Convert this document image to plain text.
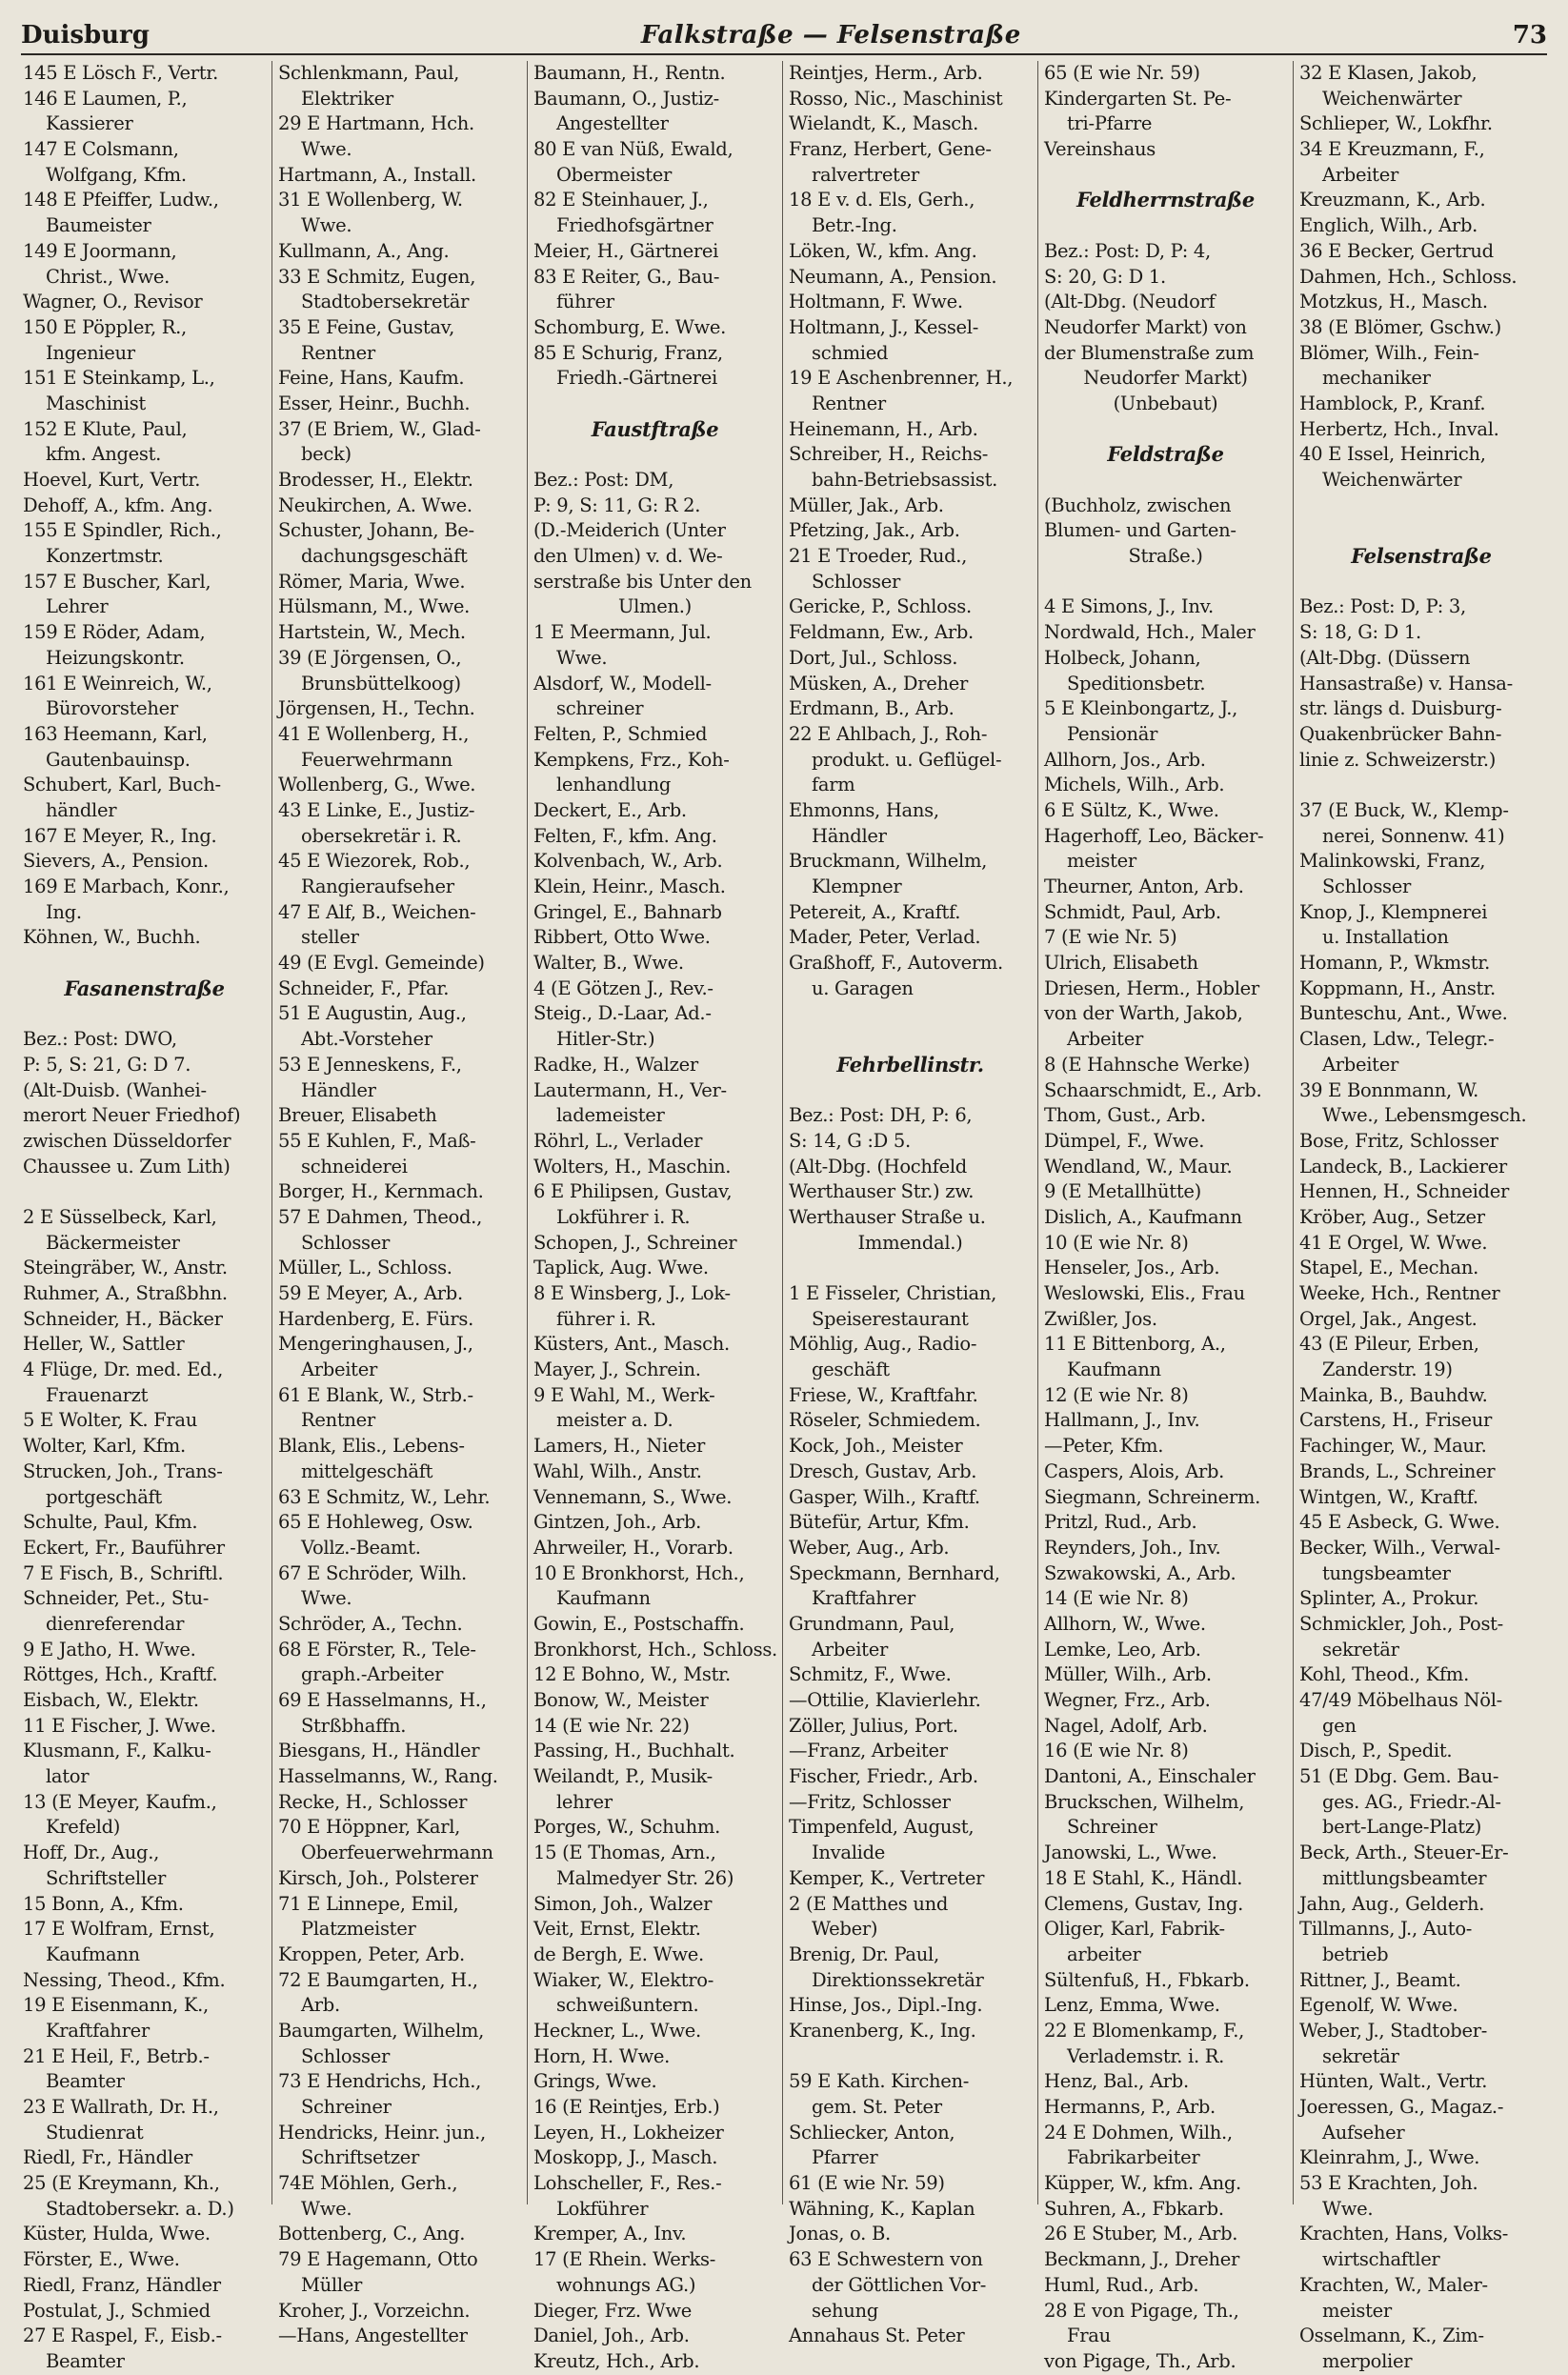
Duisburg	Falkstraße — Felsenstraße	73
145 E Lösch F., Vertr.
146 E Laumen, P.,
Kassierer
147 E Colsmann,
Wolfgang, Kfm.
148 E Pfeiffer, Ludw.,
Baumeister
149 E Joormann,
Christ., Wwe.
Wagner, O., Revisor
150 E Pöppler, R.,
Ingenieur
151 E Steinkamp, L.,
Maschinist
152 E Klute, Paul,
kfm. Angest.
Hoevel, Kurt, Vertr.
Dehoff, A., kfm. Ang.
155 E Spindler, Rich.,
Konzertmstr.
157 E Buscher, Karl,
Lehrer
159 E Röder, Adam,
Heizungskontr.
161 E Weinreich, W.,
Bürovorsteher
163 Heemann, Karl,
Gautenbauinsp.
Schubert, Karl, Buch-
händler
167 E Meyer, R., Ing.
Sievers, A., Pension.
169 E Marbach, Konr.,
Ing.
Köhnen, W., Buchh.
Fasanenstraße
Bez.: Post: DWO,
P: 5, S: 21, G: D 7.
(Alt-Duisb. (Wanhei-
merort Neuer Friedhof)
zwischen Düsseldorfer
Chaussee u. Zum Lith)
2 E Süsselbeck, Karl,
Bäckermeister
Steingräber, W., Anstr.
Ruhmer, A., Straßbhn.
Schneider, H., Bäcker
Heller, W., Sattler
4 Flüge, Dr. med. Ed.,
Frauenarzt
5 E Wolter, K. Frau
Wolter, Karl, Kfm.
Strucken, Joh., Trans-
portgeschäft
Schulte, Paul, Kfm.
Eckert, Fr., Bauführer
7 E Fisch, B., Schriftl.
Schneider, Pet., Stu-
dienreferendar
9 E Jatho, H. Wwe.
Röttges, Hch., Kraftf.
Eisbach, W., Elektr.
11 E Fischer, J. Wwe.
Klusmann, F., Kalku-
lator
13 (E Meyer, Kaufm.,
Krefeld)
Hoff, Dr., Aug.,
Schriftsteller
15 Bonn, A., Kfm.
17 E Wolfram, Ernst,
Kaufmann
Nessing, Theod., Kfm.
19 E Eisenmann, K.,
Kraftfahrer
21 E Heil, F., Betrb.-
Beamter
23 E Wallrath, Dr. H.,
Studienrat
Riedl, Fr., Händler
25 (E Kreymann, Kh.,
Stadtobersekr. a. D.)
Küster, Hulda, Wwe.
Förster, E., Wwe.
Riedl, Franz, Händler
Postulat, J., Schmied
27 E Raspel, F., Eisb.-
Beamter
Schlenkmann, Paul,
Elektriker
29 E Hartmann, Hch.
Wwe.
Hartmann, A., Install.
31 E Wollenberg, W.
Wwe.
Kullmann, A., Ang.
33 E Schmitz, Eugen,
Stadtobersekretär
35 E Feine, Gustav,
Rentner
Feine, Hans, Kaufm.
Esser, Heinr., Buchh.
37 (E Briem, W., Glad-
beck)
Brodesser, H., Elektr.
Neukirchen, A. Wwe.
Schuster, Johann, Be-
dachungsgeschäft
Römer, Maria, Wwe.
Hülsmann, M., Wwe.
Hartstein, W., Mech.
39 (E Jörgensen, O.,
Brunsbüttelkoog)
Jörgensen, H., Techn.
41 E Wollenberg, H.,
Feuerwehrmann
Wollenberg, G., Wwe.
43 E Linke, E., Justiz-
obersekretär i. R.
45 E Wiezorek, Rob.,
Rangieraufseher
47 E Alf, B., Weichen-
steller
49 (E Evgl. Gemeinde)
Schneider, F., Pfar.
51 E Augustin, Aug.,
Abt.-Vorsteher
53 E Jenneskens, F.,
Händler
Breuer, Elisabeth
55 E Kuhlen, F., Maß-
schneiderei
Borger, H., Kernmach.
57 E Dahmen, Theod.,
Schlosser
Müller, L., Schloss.
59 E Meyer, A., Arb.
Hardenberg, E. Fürs.
Mengeringhausen, J.,
Arbeiter
61 E Blank, W., Strb.-
Rentner
Blank, Elis., Lebens-
mittelgeschäft
63 E Schmitz, W., Lehr.
65 E Hohleweg, Osw.
Vollz.-Beamt.
67 E Schröder, Wilh.
Wwe.
Schröder, A., Techn.
68 E Förster, R., Tele-
graph.-Arbeiter
69 E Hasselmanns, H.,
Strßbhaffn.
Biesgans, H., Händler
Hasselmanns, W., Rang.
Recke, H., Schlosser
70 E Höppner, Karl,
Oberfeuerwehrmann
Kirsch, Joh., Polsterer
71 E Linnepe, Emil,
Platzmeister
Kroppen, Peter, Arb.
72 E Baumgarten, H.,
Arb.
Baumgarten, Wilhelm,
Schlosser
73 E Hendrichs, Hch.,
Schreiner
Hendricks, Heinr. jun.,
Schriftsetzer
74E Möhlen, Gerh.,
Wwe.
Bottenberg, C., Ang.
79 E Hagemann, Otto
Müller
Kroher, J., Vorzeichn.
—Hans, Angestellter
Baumann, H., Rentn.
Baumann, O., Justiz-
Angestellter
80 E van Nüß, Ewald,
Obermeister
82 E Steinhauer, J.,
Friedhofsgärtner
Meier, H., Gärtnerei
83 E Reiter, G., Bau-
führer
Schomburg, E. Wwe.
85 E Schurig, Franz,
Friedh.-Gärtnerei
Faustftraße
Bez.: Post: DM,
P: 9, S: 11, G: R 2.
(D.-Meiderich (Unter
den Ulmen) v. d. We-
serstraße bis Unter den
Ulmen.)
1 E Meermann, Jul.
Wwe.
Alsdorf, W., Modell-
schreiner
Felten, P., Schmied
Kempkens, Frz., Koh-
lenhandlung
Deckert, E., Arb.
Felten, F., kfm. Ang.
Kolvenbach, W., Arb.
Klein, Heinr., Masch.
Gringel, E., Bahnarb
Ribbert, Otto Wwe.
Walter, B., Wwe.
4 (E Götzen J., Rev.-
Steig., D.-Laar, Ad.-
Hitler-Str.)
Radke, H., Walzer
Lautermann, H., Ver-
lademeister
Röhrl, L., Verlader
Wolters, H., Maschin.
6 E Philipsen, Gustav,
Lokführer i. R.
Schopen, J., Schreiner
Taplick, Aug. Wwe.
8 E Winsberg, J., Lok-
führer i. R.
Küsters, Ant., Masch.
Mayer, J., Schrein.
9 E Wahl, M., Werk-
meister a. D.
Lamers, H., Nieter
Wahl, Wilh., Anstr.
Vennemann, S., Wwe.
Gintzen, Joh., Arb.
Ahrweiler, H., Vorarb.
10 E Bronkhorst, Hch.,
Kaufmann
Gowin, E., Postschaffn.
Bronkhorst, Hch., Schloss.
12 E Bohno, W., Mstr.
Bonow, W., Meister
14 (E wie Nr. 22)
Passing, H., Buchhalt.
Weilandt, P., Musik-
lehrer
Porges, W., Schuhm.
15 (E Thomas, Arn.,
Malmedyer Str. 26)
Simon, Joh., Walzer
Veit, Ernst, Elektr.
de Bergh, E. Wwe.
Wiaker, W., Elektro-
schweißuntern.
Heckner, L., Wwe.
Horn, H. Wwe.
Grings, Wwe.
16 (E Reintjes, Erb.)
Leyen, H., Lokheizer
Moskopp, J., Masch.
Lohscheller, F., Res.-
Lokführer
Kremper, A., Inv.
17 (E Rhein. Werks-
wohnungs AG.)
Dieger, Frz. Wwe
Daniel, Joh., Arb.
Kreutz, Hch., Arb.
Reintjes, Herm., Arb.
Rosso, Nic., Maschinist
Wielandt, K., Masch.
Franz, Herbert, Gene-
ralvertreter
18 E v. d. Els, Gerh.,
Betr.-Ing.
Löken, W., kfm. Ang.
Neumann, A., Pension.
Holtmann, F. Wwe.
Holtmann, J., Kessel-
schmied
19 E Aschenbrenner, H.,
Rentner
Heinemann, H., Arb.
Schreiber, H., Reichs-
bahn-Betriebsassist.
Müller, Jak., Arb.
Pfetzing, Jak., Arb.
21 E Troeder, Rud.,
Schlosser
Gericke, P., Schloss.
Feldmann, Ew., Arb.
Dort, Jul., Schloss.
Müsken, A., Dreher
Erdmann, B., Arb.
22 E Ahlbach, J., Roh-
produkt. u. Geflügel-
farm
Ehmonns, Hans,
Händler
Bruckmann, Wilhelm,
Klempner
Petereit, A., Kraftf.
Mader, Peter, Verlad.
Graßhoff, F., Autoverm.
u. Garagen
Fehrbellinstr.
Bez.: Post: DH, P: 6,
S: 14, G :D 5.
(Alt-Dbg. (Hochfeld
Werthauser Str.) zw.
Werthauser Straße u.
Immendal.)
1 E Fisseler, Christian,
Speiserestaurant
Möhlig, Aug., Radio-
geschäft
Friese, W., Kraftfahr.
Röseler, Schmiedem.
Kock, Joh., Meister
Dresch, Gustav, Arb.
Gasper, Wilh., Kraftf.
Bütefür, Artur, Kfm.
Weber, Aug., Arb.
Speckmann, Bernhard,
Kraftfahrer
Grundmann, Paul,
Arbeiter
Schmitz, F., Wwe.
—Ottilie, Klavierlehr.
Zöller, Julius, Port.
—Franz, Arbeiter
Fischer, Friedr., Arb.
—Fritz, Schlosser
Timpenfeld, August,
Invalide
Kemper, K., Vertreter
2 (E Matthes und
Weber)
Brenig, Dr. Paul,
Direktionssekretär
Hinse, Jos., Dipl.-Ing.
Kranenberg, K., Ing.
59 E Kath. Kirchen-
gem. St. Peter
Schliecker, Anton,
Pfarrer
61 (E wie Nr. 59)
Wähning, K., Kaplan
Jonas, o. B.
63 E Schwestern von
der Göttlichen Vor-
sehung
Annahaus St. Peter
65 (E wie Nr. 59)
Kindergarten St. Pe-
tri-Pfarre
Vereinshaus
Feldherrnstraße
Bez.: Post: D, P: 4,
S: 20, G: D 1.
(Alt-Dbg. (Neudorf
Neudorfer Markt) von
der Blumenstraße zum
Neudorfer Markt)
(Unbebaut)
Feldstraße
(Buchholz, zwischen
Blumen- und Garten-
Straße.)
4 E Simons, J., Inv.
Nordwald, Hch., Maler
Holbeck, Johann,
Speditionsbetr.
5 E Kleinbongartz, J.,
Pensionär
Allhorn, Jos., Arb.
Michels, Wilh., Arb.
6 E Sültz, K., Wwe.
Hagerhoff, Leo, Bäcker-
meister
Theurner, Anton, Arb.
Schmidt, Paul, Arb.
7 (E wie Nr. 5)
Ulrich, Elisabeth
Driesen, Herm., Hobler
von der Warth, Jakob,
Arbeiter
8 (E Hahnsche Werke)
Schaarschmidt, E., Arb.
Thom, Gust., Arb.
Dümpel, F., Wwe.
Wendland, W., Maur.
9 (E Metallhütte)
Dislich, A., Kaufmann
10 (E wie Nr. 8)
Henseler, Jos., Arb.
Weslowski, Elis., Frau
Zwißler, Jos.
11 E Bittenborg, A.,
Kaufmann
12 (E wie Nr. 8)
Hallmann, J., Inv.
—Peter, Kfm.
Caspers, Alois, Arb.
Siegmann, Schreinerm.
Pritzl, Rud., Arb.
Reynders, Joh., Inv.
Szwakowski, A., Arb.
14 (E wie Nr. 8)
Allhorn, W., Wwe.
Lemke, Leo, Arb.
Müller, Wilh., Arb.
Wegner, Frz., Arb.
Nagel, Adolf, Arb.
16 (E wie Nr. 8)
Dantoni, A., Einschaler
Bruckschen, Wilhelm,
Schreiner
Janowski, L., Wwe.
18 E Stahl, K., Händl.
Clemens, Gustav, Ing.
Oliger, Karl, Fabrik-
arbeiter
Sültenfuß, H., Fbkarb.
Lenz, Emma, Wwe.
22 E Blomenkamp, F.,
Verlademstr. i. R.
Henz, Bal., Arb.
Hermanns, P., Arb.
24 E Dohmen, Wilh.,
Fabrikarbeiter
Küpper, W., kfm. Ang.
Suhren, A., Fbkarb.
26 E Stuber, M., Arb.
Beckmann, J., Dreher
Huml, Rud., Arb.
28 E von Pigage, Th.,
Frau
von Pigage, Th., Arb.
32 E Klasen, Jakob,
Weichenwärter
Schlieper, W., Lokfhr.
34 E Kreuzmann, F.,
Arbeiter
Kreuzmann, K., Arb.
Englich, Wilh., Arb.
36 E Becker, Gertrud
Dahmen, Hch., Schloss.
Motzkus, H., Masch.
38 (E Blömer, Gschw.)
Blömer, Wilh., Fein-
mechaniker
Hamblock, P., Kranf.
Herbertz, Hch., Inval.
40 E Issel, Heinrich,
Weichenwärter
Felsenstraße
Bez.: Post: D, P: 3,
S: 18, G: D 1.
(Alt-Dbg. (Düssern
Hansastraße) v. Hansa-
str. längs d. Duisburg-
Quakenbrücker Bahn-
linie z. Schweizerstr.)
37 (E Buck, W., Klemp-
nerei, Sonnenw. 41)
Malinkowski, Franz,
Schlosser
Knop, J., Klempnerei
u. Installation
Homann, P., Wkmstr.
Koppmann, H., Anstr.
Bunteschu, Ant., Wwe.
Clasen, Ldw., Telegr.-
Arbeiter
39 E Bonnmann, W.
Wwe., Lebensmgesch.
Bose, Fritz, Schlosser
Landeck, B., Lackierer
Hennen, H., Schneider
Kröber, Aug., Setzer
41 E Orgel, W. Wwe.
Stapel, E., Mechan.
Weeke, Hch., Rentner
Orgel, Jak., Angest.
43 (E Pileur, Erben,
Zanderstr. 19)
Mainka, B., Bauhdw.
Carstens, H., Friseur
Fachinger, W., Maur.
Brands, L., Schreiner
Wintgen, W., Kraftf.
45 E Asbeck, G. Wwe.
Becker, Wilh., Verwal-
tungsbeamter
Splinter, A., Prokur.
Schmickler, Joh., Post-
sekretär
Kohl, Theod., Kfm.
47/49 Möbelhaus Nöl-
gen
Disch, P., Spedit.
51 (E Dbg. Gem. Bau-
ges. AG., Friedr.-Al-
bert-Lange-Platz)
Beck, Arth., Steuer-Er-
mittlungsbeamter
Jahn, Aug., Gelderh.
Tillmanns, J., Auto-
betrieb
Rittner, J., Beamt.
Egenolf, W. Wwe.
Weber, J., Stadtober-
sekretär
Hünten, Walt., Vertr.
Joeressen, G., Magaz.-
Aufseher
Kleinrahm, J., Wwe.
53 E Krachten, Joh.
Wwe.
Krachten, Hans, Volks-
wirtschaftler
Krachten, W., Maler-
meister
Osselmann, K., Zim-
merpolier
